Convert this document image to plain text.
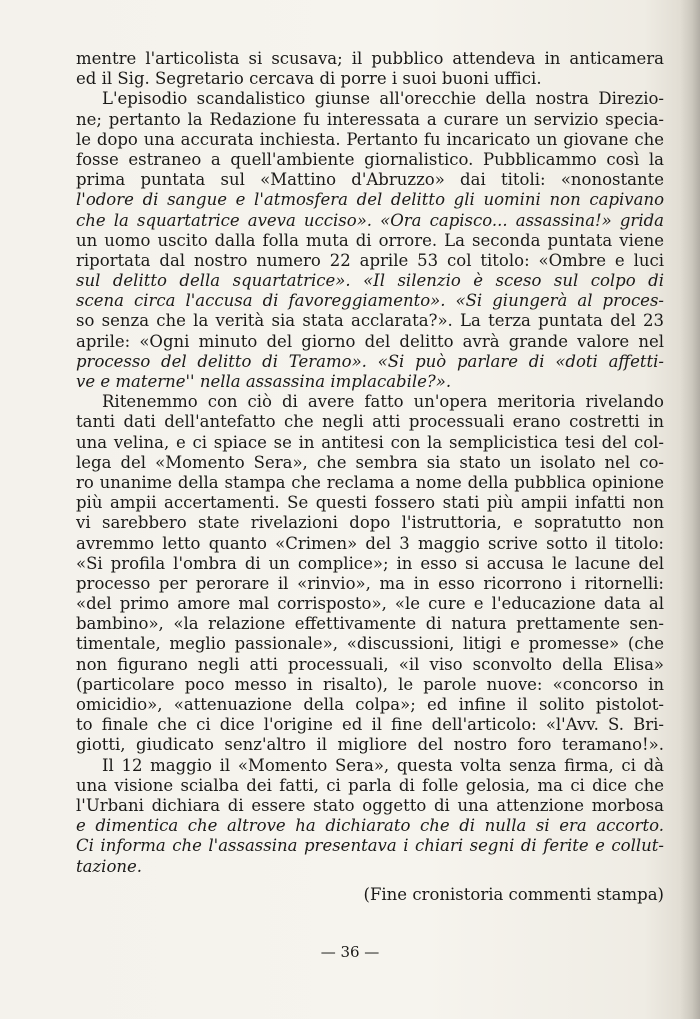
mentre l'articolista si scusava; il pubblico attendeva in anticamera
ed il Sig. Segretario cercava di porre i suoi buoni uffici.
L'episodio scandalistico giunse all'orecchie della nostra Direzio-
ne; pertanto la Redazione fu interessata a curare un servizio specia-
le dopo una accurata inchiesta. Pertanto fu incaricato un giovane che
fosse estraneo a quell'ambiente giornalistico. Pubblicammo così la
prima puntata sul «Mattino d'Abruzzo» dai titoli: «nonostante
l'odore di sangue e l'atmosfera del delitto gli uomini non capivano
che la squartatrice aveva ucciso». «Ora capisco... assassina!» grida
un uomo uscito dalla folla muta di orrore. La seconda puntata viene
riportata dal nostro numero 22 aprile 53 col titolo: «Ombre e luci
sul delitto della squartatrice». «Il silenzio è sceso sul colpo di
scena circa l'accusa di favoreggiamento». «Si giungerà al proces-
so senza che la verità sia stata acclarata?». La terza puntata del 23
aprile: «Ogni minuto del giorno del delitto avrà grande valore nel
processo del delitto di Teramo». «Si può parlare di «doti affetti-
ve e materne'' nella assassina implacabile?».
Ritenemmo con ciò di avere fatto un'opera meritoria rivelando
tanti dati dell'antefatto che negli atti processuali erano costretti in
una velina, e ci spiace se in antitesi con la semplicistica tesi del col-
lega del «Momento Sera», che sembra sia stato un isolato nel co-
ro unanime della stampa che reclama a nome della pubblica opinione
più ampii accertamenti. Se questi fossero stati più ampii infatti non
vi sarebbero state rivelazioni dopo l'istruttoria, e sopratutto non
avremmo letto quanto «Crimen» del 3 maggio scrive sotto il titolo:
«Si profila l'ombra di un complice»; in esso si accusa le lacune del
processo per perorare il «rinvio», ma in esso ricorrono i ritornelli:
«del primo amore mal corrisposto», «le cure e l'educazione data al
bambino», «la relazione effettivamente di natura prettamente sen-
timentale, meglio passionale», «discussioni, litigi e promesse» (che
non figurano negli atti processuali, «il viso sconvolto della Elisa»
(particolare poco messo in risalto), le parole nuove: «concorso in
omicidio», «attenuazione della colpa»; ed infine il solito pistolot-
to finale che ci dice l'origine ed il fine dell'articolo: «l'Avv. S. Bri-
giotti, giudicato senz'altro il migliore del nostro foro teramano!».
Il 12 maggio il «Momento Sera», questa volta senza firma, ci dà
una visione scialba dei fatti, ci parla di folle gelosia, ma ci dice che
l'Urbani dichiara di essere stato oggetto di una attenzione morbosa
e dimentica che altrove ha dichiarato che di nulla si era accorto.
Ci informa che l'assassina presentava i chiari segni di ferite e collut-
tazione.
(Fine cronistoria commenti stampa)
— 36 —
